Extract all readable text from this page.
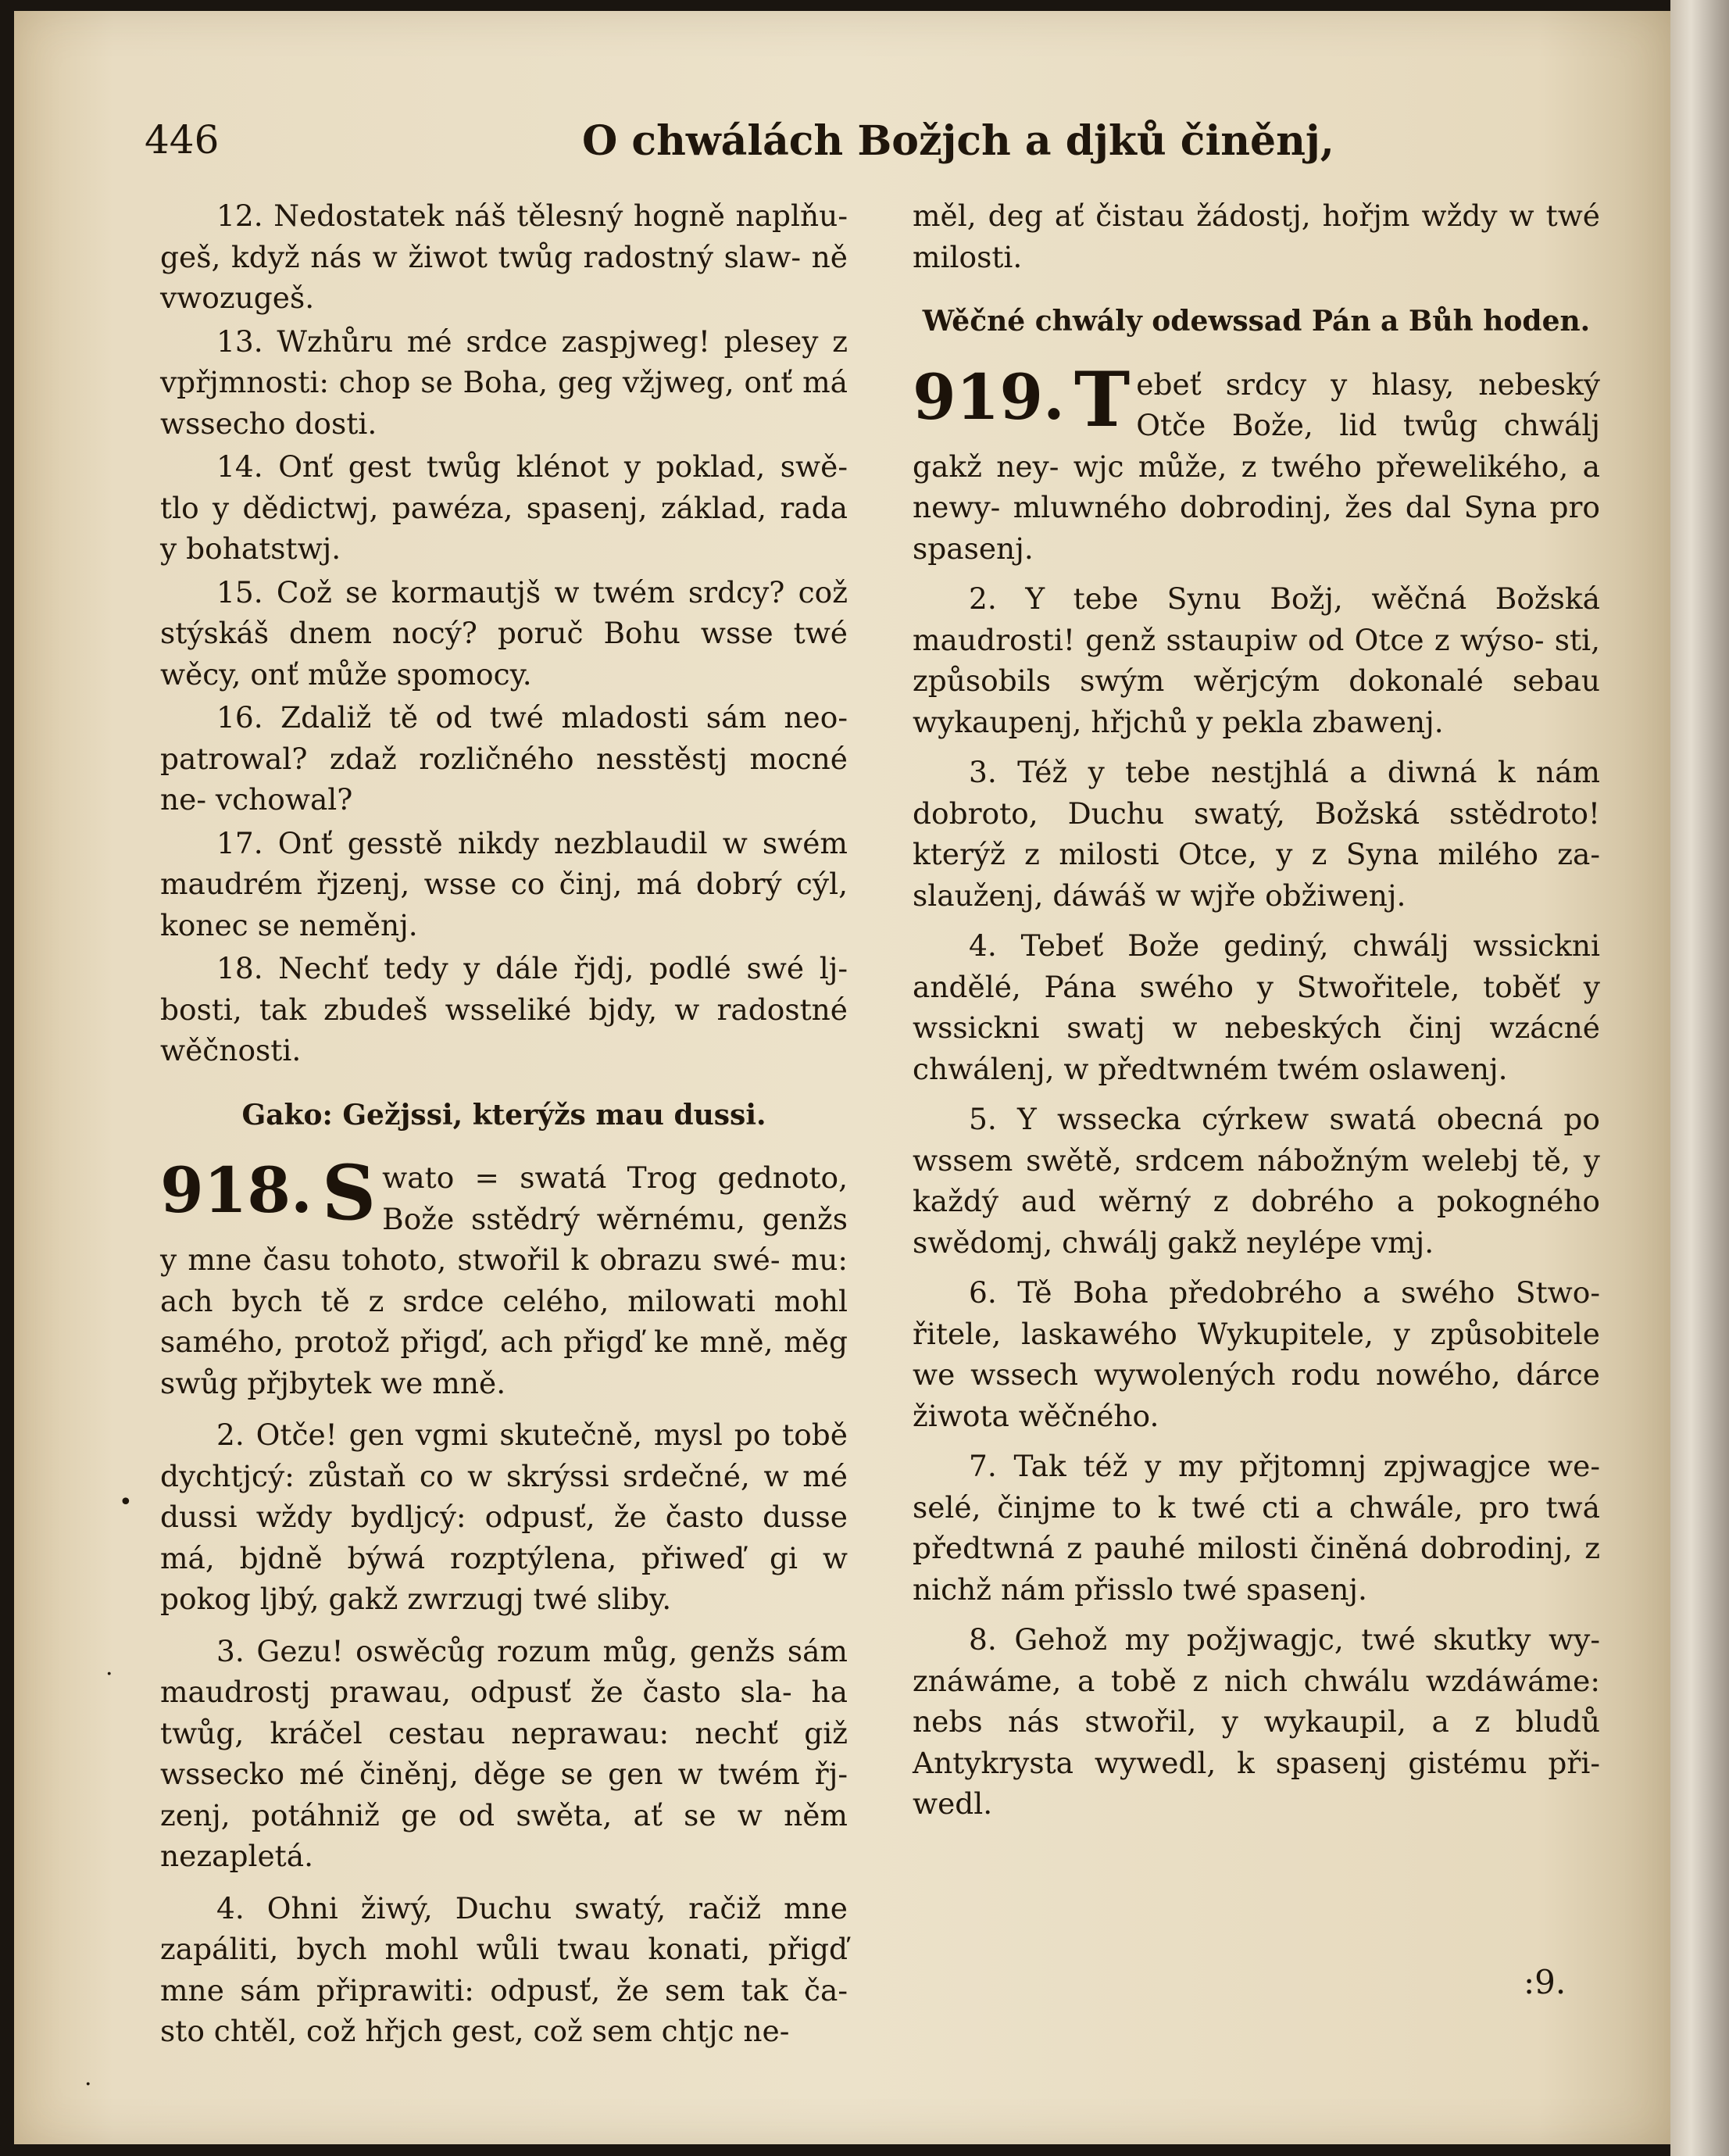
446	O chwálách Božjch a djků činěnj,

12. Nedostatek náš tělesný hogně naplňu- geš, když nás w žiwot twůg radostný slaw- ně vwozugeš.

13. Wzhůru mé srdce zaspjweg! plesey z vpřjmnosti: chop se Boha, geg vžjweg, onť má wssecho dosti.

14. Onť gest twůg klénot y poklad, swě- tlo y dědictwj, pawéza, spasenj, základ, rada y bohatstwj.

15. Což se kormautjš w twém srdcy? což stýskáš dnem nocý? poruč Bohu wsse twé wěcy, onť může spomocy.

16. Zdaliž tě od twé mladosti sám neo- patrowal? zdaž rozličného nesstěstj mocné ne- vchowal?

17. Onť gesstě nikdy nezblaudil w swém maudrém řjzenj, wsse co činj, má dobrý cýl, konec se neměnj.

18. Nechť tedy y dále řjdj, podlé swé lj- bosti, tak zbudeš wsseliké bjdy, w radostné wěčnosti.

Gako: Gežjssi, kterýžs mau dussi.
918. S wato = swatá Trog gednoto, Bože sstědrý wěrnému, genžs y mne času tohoto, stwořil k obrazu swé- mu: ach bych tě z srdce celého, milowati mohl samého, protož přigď, ach přigď ke mně, měg swůg přjbytek we mně.

2. Otče! gen vgmi skutečně, mysl po tobě dychtjcý: zůstaň co w skrýssi srdečné, w mé dussi wždy bydljcý: odpusť, že často dusse má, bjdně býwá rozptýlena, přiweď gi w pokog ljbý, gakž zwrzugj twé sliby.

3. Gezu! oswěcůg rozum můg, genžs sám maudrostj prawau, odpusť že často sla- ha twůg, kráčel cestau neprawau: nechť giž wssecko mé činěnj, děge se gen w twém řj- zenj, potáhniž ge od swěta, ať se w něm nezapletá.

4. Ohni žiwý, Duchu swatý, račiž mne zapáliti, bych mohl wůli twau konati, přigď mne sám připrawiti: odpusť, že sem tak ča- sto chtěl, což hřjch gest, což sem chtjc ne-

měl, deg ať čistau žádostj, hořjm wždy w twé milosti.

Wěčné chwály odewssad Pán a Bůh hoden.
919. T ebeť srdcy y hlasy, nebeský Otče Bože, lid twůg chwálj gakž ney- wjc může, z twého přewelikého, a newy- mluwného dobrodinj, žes dal Syna pro spasenj.

2. Y tebe Synu Božj, wěčná Božská maudrosti! genž sstaupiw od Otce z wýso- sti, způsobils swým wěrjcým dokonalé sebau wykaupenj, hřjchů y pekla zbawenj.

3. Též y tebe nestjhlá a diwná k nám dobroto, Duchu swatý, Božská sstědroto! kterýž z milosti Otce, y z Syna milého za- slauženj, dáwáš w wjře obžiwenj.

4. Tebeť Bože gediný, chwálj wssickni andělé, Pána swého y Stwořitele, toběť y wssickni swatj w nebeských činj wzácné chwálenj, w předtwném twém oslawenj.

5. Y wssecka cýrkew swatá obecná po wssem swětě, srdcem nábožným welebj tě, y každý aud wěrný z dobrého a pokogného swědomj, chwálj gakž neylépe vmj.

6. Tě Boha předobrého a swého Stwo- řitele, laskawého Wykupitele, y způsobitele we wssech wywolených rodu nowého, dárce žiwota wěčného.

7. Tak též y my přjtomnj zpjwagjce we- selé, činjme to k twé cti a chwále, pro twá předtwná z pauhé milosti činěná dobrodinj, z nichž nám přisslo twé spasenj.

8. Gehož my požjwagjc, twé skutky wy- znáwáme, a tobě z nich chwálu wzdáwáme: nebs nás stwořil, y wykaupil, a z bludů Antykrysta wywedl, k spasenj gistému při- wedl.

:9.
•
·
·
